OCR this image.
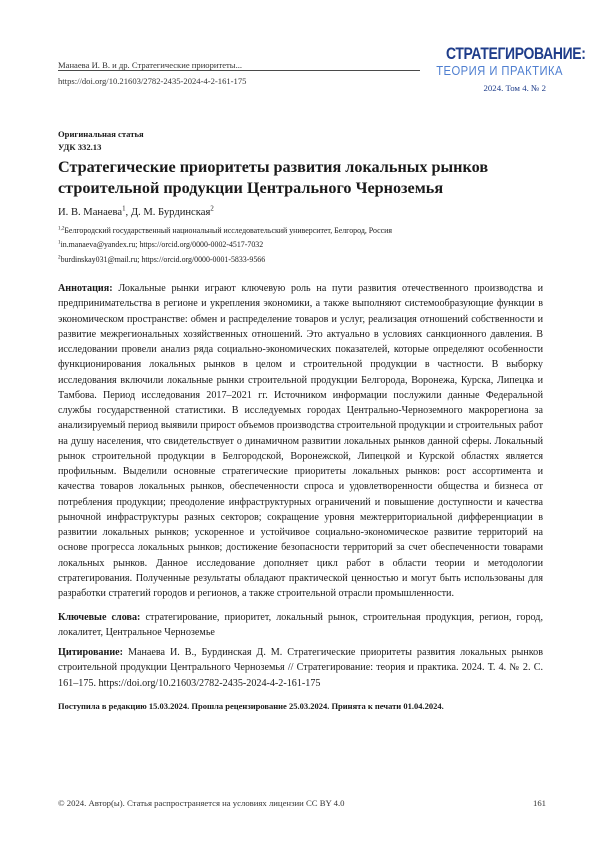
Манаева И. В. и др. Стратегические приоритеты...
https://doi.org/10.21603/2782-2435-2024-4-2-161-175
СТРАТЕГИРОВАНИЕ:
ТЕОРИЯ И ПРАКТИКА
2024. Том 4. № 2
Оригинальная статья
УДК 332.13
Стратегические приоритеты развития локальных рынков строительной продукции Центрального Черноземья
И. В. Манаева$^1$, Д. М. Бурдинская$^2$
$^{1,2}$Белгородский государственный национальный исследовательский университет, Белгород, Россия
$^1$in.manaeva@yandex.ru; https://orcid.org/0000-0002-4517-7032
$^2$burdinskay031@mail.ru; https://orcid.org/0000-0001-5833-9566
Аннотация: Локальные рынки играют ключевую роль на пути развития отечественного производства и предпринимательства в регионе и укрепления экономики, а также выполняют системообразующие функции в экономическом пространстве: обмен и распределение товаров и услуг, реализация отношений собственности и развитие межрегиональных хозяйственных отношений. Это актуально в условиях санкционного давления. В исследовании провели анализ ряда социально-экономических показателей, которые определяют особенности функционирования локальных рынков в целом и строительной продукции в частности. В выборку исследования включили локальные рынки строительной продукции Белгорода, Воронежа, Курска, Липецка и Тамбова. Период исследования 2017–2021 гг. Источником информации послужили данные Федеральной службы государственной статистики. В исследуемых городах Центрально-Черноземного макрорегиона за анализируемый период выявили прирост объемов производства строительной продукции и строительных работ на душу населения, что свидетельствует о динамичном развитии локальных рынков данной сферы. Локальный рынок строительной продукции в Белгородской, Воронежской, Липецкой и Курской областях является профильным. Выделили основные стратегические приоритеты локальных рынков: рост ассортимента и качества товаров локальных рынков, обеспеченности спроса и удовлетворенности общества и бизнеса от потребления продукции; преодоление инфраструктурных ограничений и повышение доступности и качества рыночной инфраструктуры разных секторов; сокращение уровня межтерриториальной дифференциации в развитии локальных рынков; ускоренное и устойчивое социально-экономическое развитие территорий на основе прогресса локальных рынков; достижение безопасности территорий за счет обеспеченности товарами локальных рынков. Данное исследование дополняет цикл работ в области теории и методологии стратегирования. Полученные результаты обладают практической ценностью и могут быть использованы для разработки стратегий городов и регионов, а также строительной отрасли промышленности.
Ключевые слова: стратегирование, приоритет, локальный рынок, строительная продукция, регион, город, локалитет, Центральное Черноземье
Цитирование: Манаева И. В., Бурдинская Д. М. Стратегические приоритеты развития локальных рынков строительной продукции Центрального Черноземья // Стратегирование: теория и практика. 2024. Т. 4. № 2. С. 161–175. https://doi.org/10.21603/2782-2435-2024-4-2-161-175
Поступила в редакцию 15.03.2024. Прошла рецензирование 25.03.2024. Принята к печати 01.04.2024.
© 2024. Автор(ы). Статья распространяется на условиях лицензии CC BY 4.0	161
